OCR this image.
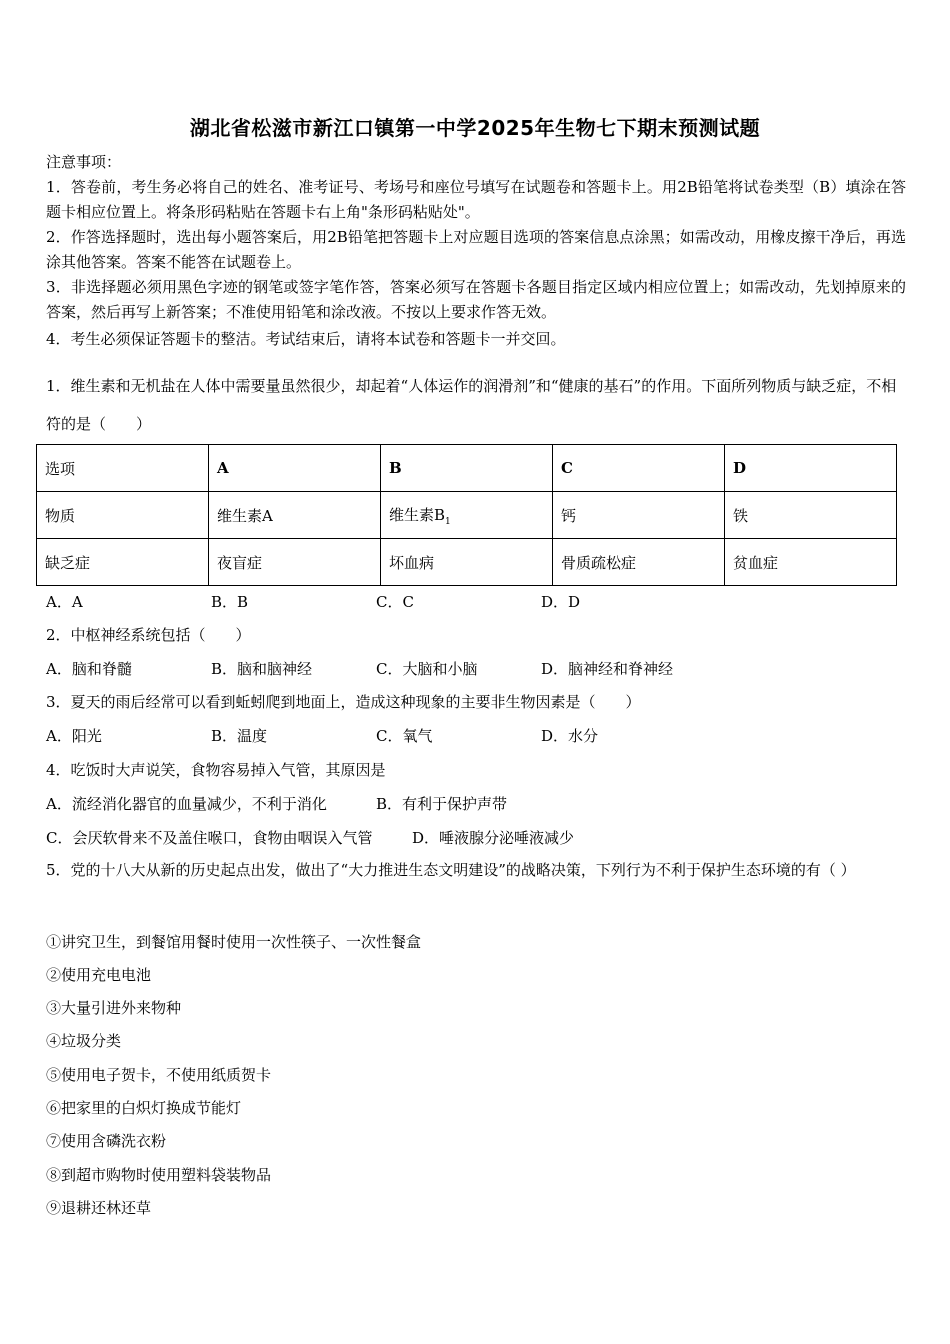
湖北省松滋市新江口镇第一中学2025年生物七下期末预测试题
注意事项：
1．答卷前，考生务必将自己的姓名、准考证号、考场号和座位号填写在试题卷和答题卡上。用2B铅笔将试卷类型（B）填涂在答题卡相应位置上。将条形码粘贴在答题卡右上角"条形码粘贴处"。
2．作答选择题时，选出每小题答案后，用2B铅笔把答题卡上对应题目选项的答案信息点涂黑；如需改动，用橡皮擦干净后，再选涂其他答案。答案不能答在试题卷上。
3．非选择题必须用黑色字迹的钢笔或签字笔作答，答案必须写在答题卡各题目指定区域内相应位置上；如需改动，先划掉原来的答案，然后再写上新答案；不准使用铅笔和涂改液。不按以上要求作答无效。
4．考生必须保证答题卡的整洁。考试结束后，请将本试卷和答题卡一并交回。
1．维生素和无机盐在人体中需要量虽然很少，却起着“人体运作的润滑剂”和“健康的基石”的作用。下面所列物质与缺乏症，不相符的是（　　）
选项	A	B	C	D
物质	维生素A	维生素$B_1$	钙	铁
缺乏症	夜盲症	坏血病	骨质疏松症	贫血症
A．A	B．B	C．C	D．D
2．中枢神经系统包括（　　）
A．脑和脊髓	B．脑和脑神经	C．大脑和小脑	D．脑神经和脊神经
3．夏天的雨后经常可以看到蚯蚓爬到地面上，造成这种现象的主要非生物因素是（　　）
A．阳光	B．温度	C．氧气	D．水分
4．吃饭时大声说笑，食物容易掉入气管，其原因是
A．流经消化器官的血量减少，不利于消化	B．有利于保护声带
C．会厌软骨来不及盖住喉口，食物由咽误入气管	D．唾液腺分泌唾液减少
5．党的十八大从新的历史起点出发，做出了“大力推进生态文明建设”的战略决策，下列行为不利于保护生态环境的有（ ）
①讲究卫生，到餐馆用餐时使用一次性筷子、一次性餐盒
②使用充电电池
③大量引进外来物种
④垃圾分类
⑤使用电子贺卡，不使用纸质贺卡
⑥把家里的白炽灯换成节能灯
⑦使用含磷洗衣粉
⑧到超市购物时使用塑料袋装物品
⑨退耕还林还草
